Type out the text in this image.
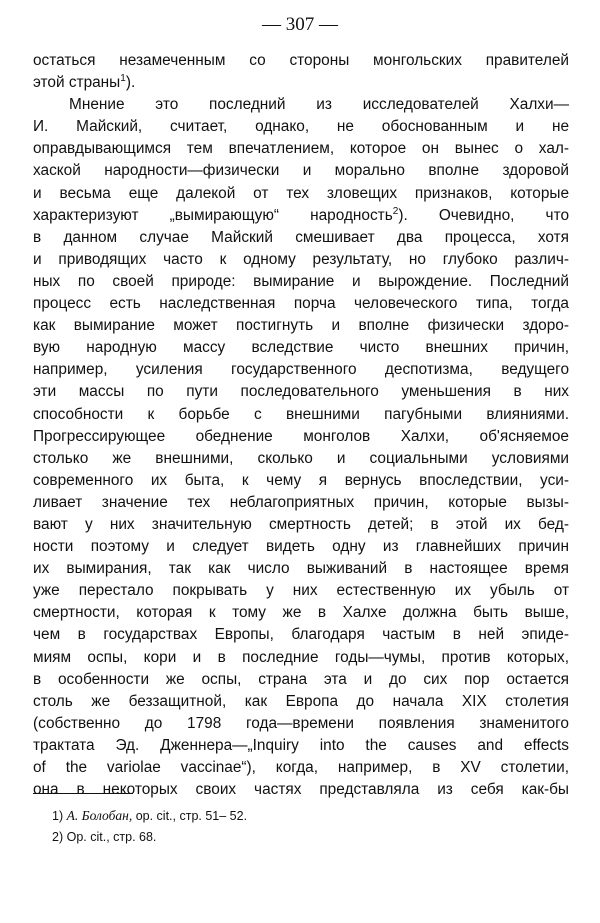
— 307 —
остаться незамеченным со стороны монгольских правителей
этой страны$^1$).
Мнение это последний из исследователей Халхи—
И. Майский, считает, однако, не обоснованным и не
оправдывающимся тем впечатлением, которое он вынес о хал-
хаской народности—физически и морально вполне здоровой
и весьма еще далекой от тех зловещих признаков, которые
характеризуют „вымирающую“ народность$^2$). Очевидно, что
в данном случае Майский смешивает два процесса, хотя
и приводящих часто к одному результату, но глубоко различ-
ных по своей природе: вымирание и вырождение. Последний
процесс есть наследственная порча человеческого типа, тогда
как вымирание может постигнуть и вполне физически здоро-
вую народную массу вследствие чисто внешних причин,
например, усиления государственного деспотизма, ведущего
эти массы по пути последовательного уменьшения в них
способности к борьбе с внешними пагубными влияниями.
Прогрессирующее обеднение монголов Халхи, об'ясняемое
столько же внешними, сколько и социальными условиями
современного их быта, к чему я вернусь впоследствии, уси-
ливает значение тех неблагоприятных причин, которые вызы-
вают у них значительную смертность детей; в этой их бед-
ности поэтому и следует видеть одну из главнейших причин
их вымирания, так как число выживаний в настоящее время
уже перестало покрывать у них естественную их убыль от
смертности, которая к тому же в Халхе должна быть выше,
чем в государствах Европы, благодаря частым в ней эпиде-
миям оспы, кори и в последние годы—чумы, против которых,
в особенности же оспы, страна эта и до сих пор остается
столь же беззащитной, как Европа до начала XIX столетия
(собственно до 1798 года—времени появления знаменитого
трактата Эд. Дженнера—„Inquiry into the causes and effects
of the variolae vaccinae“), когда, например, в XV столетии,
она в некоторых своих частях представляла из себя как-бы
1) А. Болобан, op. cit., стр. 51– 52.
2) Op. cit., стр. 68.
